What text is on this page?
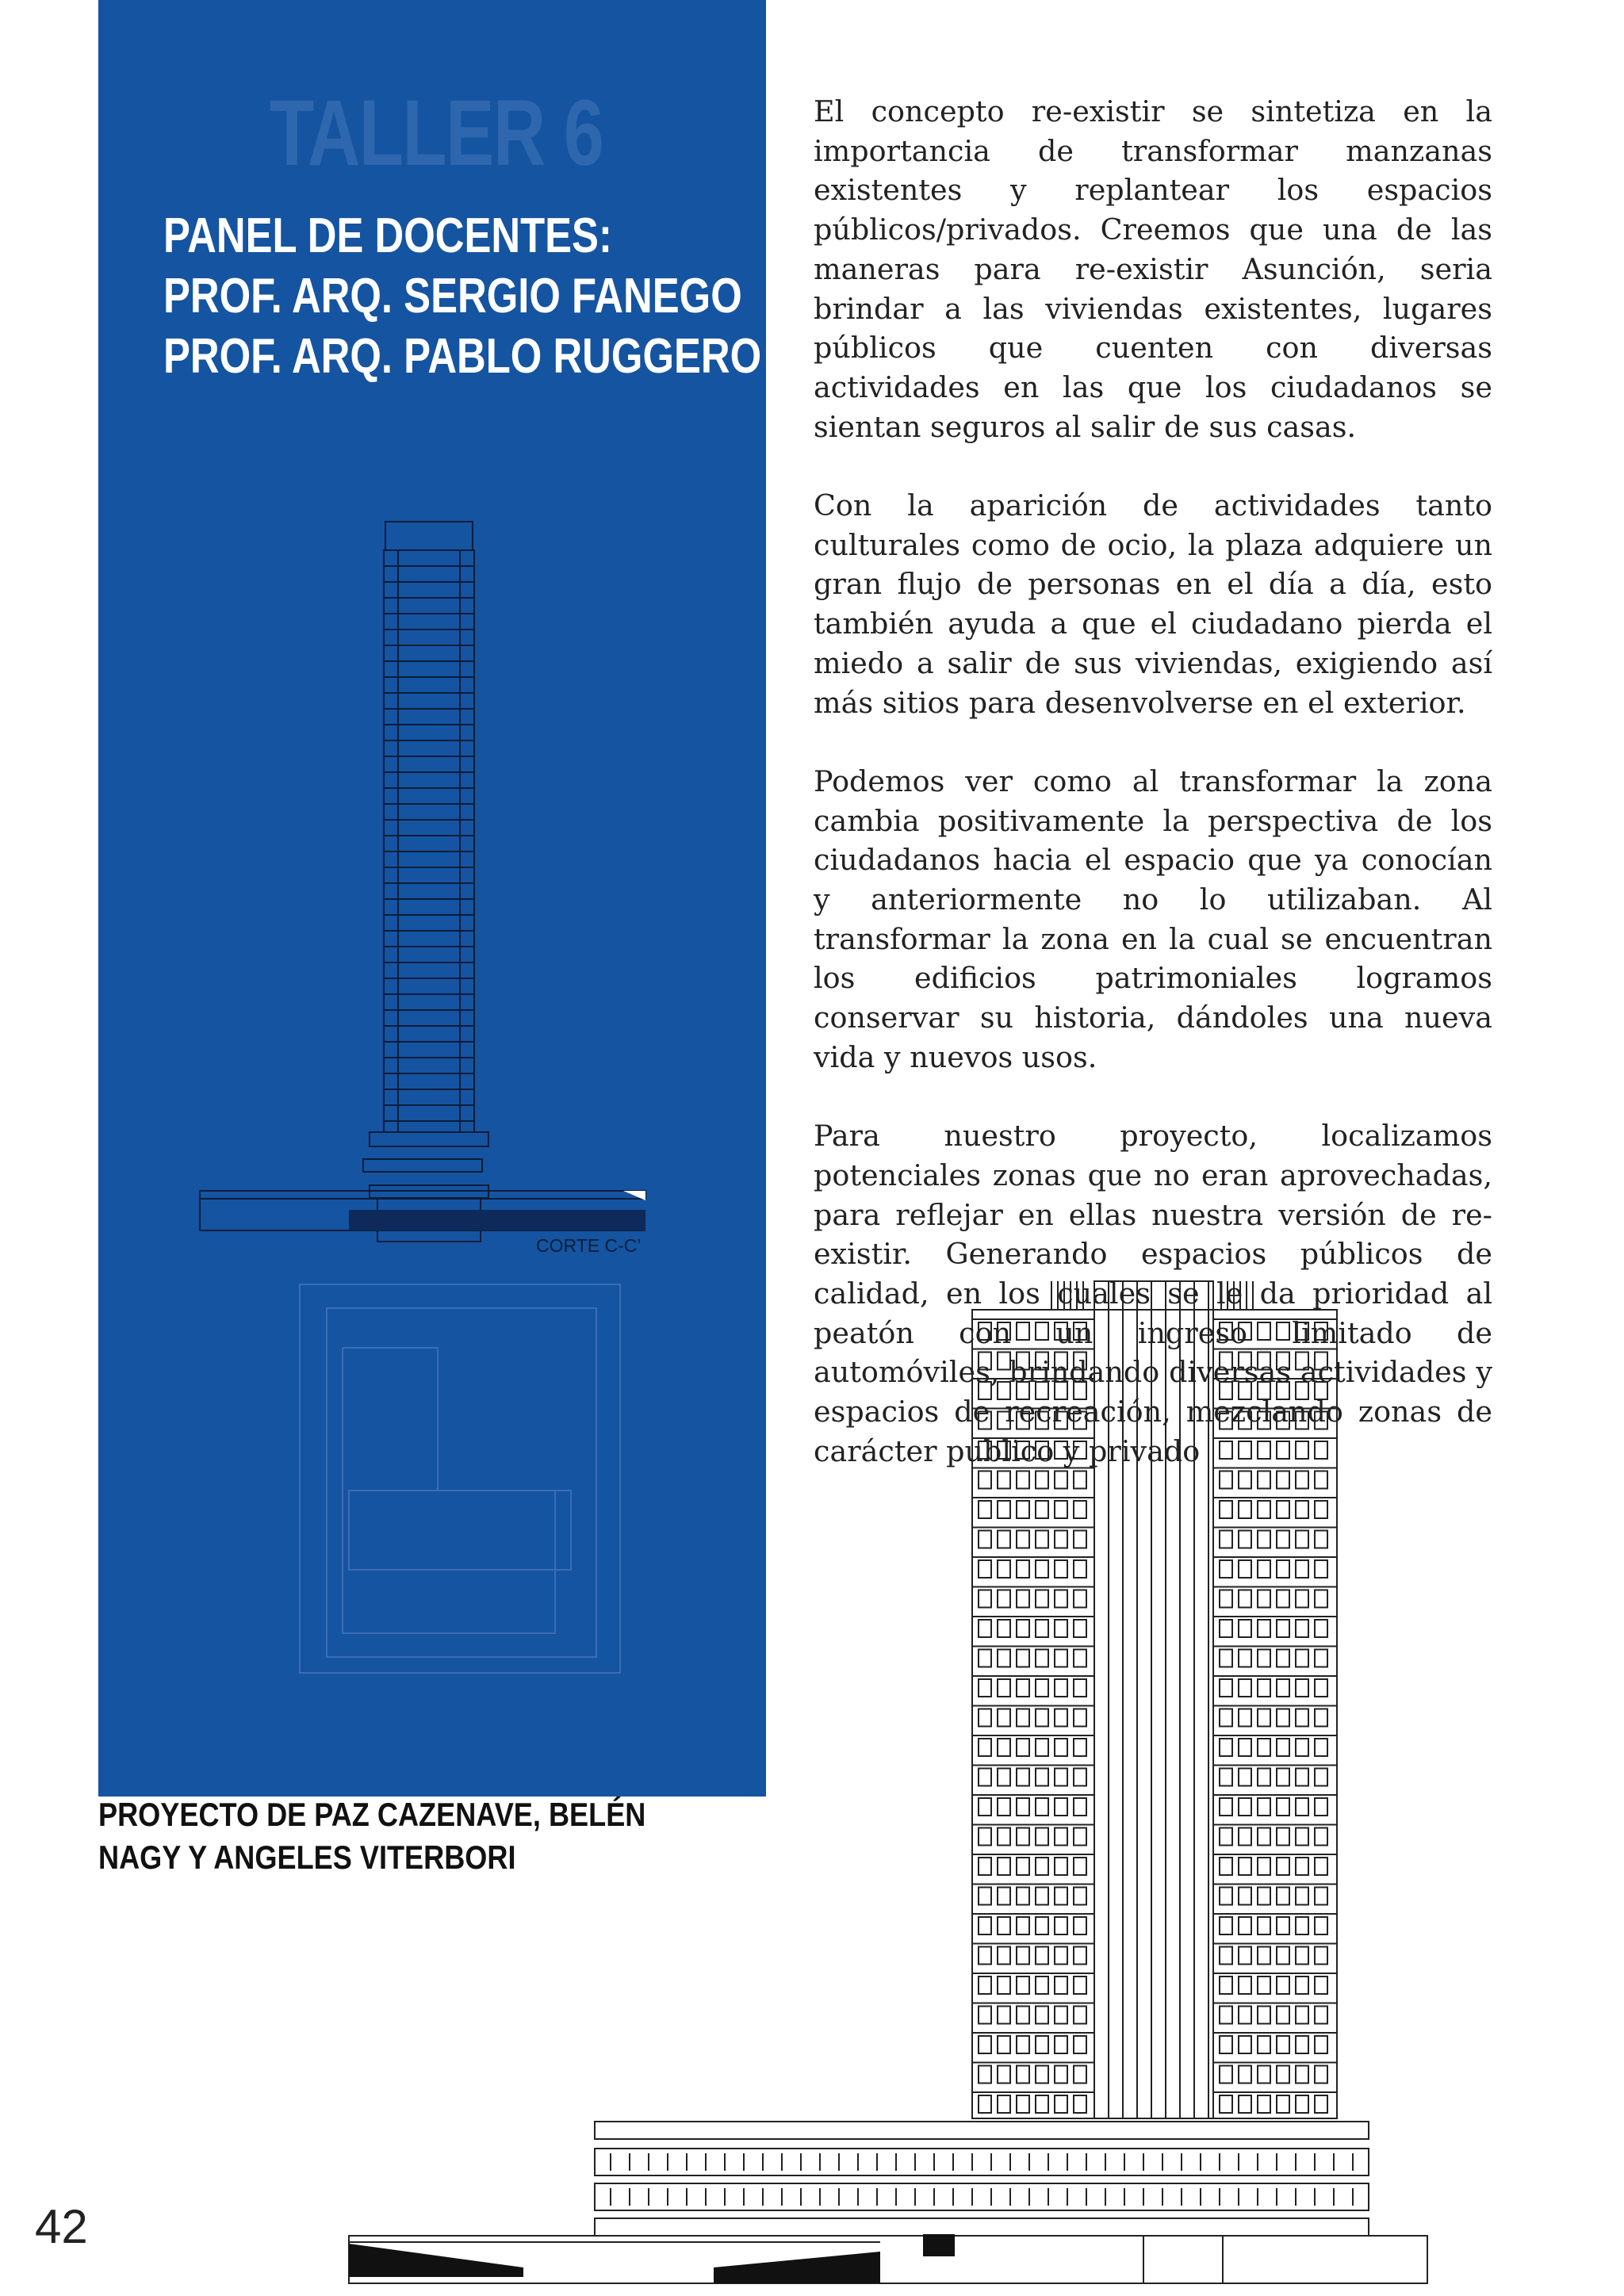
TALLER 6
PANEL DE DOCENTES:
PROF. ARQ. SERGIO FANEGO
PROF. ARQ. PABLO RUGGERO
CORTE C-C’

El concepto re-existir se sintetiza en la importancia de transformar manzanas existentes y replantear los espacios públicos/privados. Creemos que una de las maneras para re-existir Asunción, seria brindar a las viviendas existentes, lugares públicos que cuenten con diversas actividades en las que los ciudadanos se sientan seguros al salir de sus casas.

Con la aparición de actividades tanto culturales como de ocio, la plaza adquiere un gran flujo de personas en el día a día, esto también ayuda a que el ciudadano pierda el miedo a salir de sus viviendas, exigiendo así más sitios para desenvolverse en el exterior.

Podemos ver como al transformar la zona cambia positivamente la perspectiva de los ciudadanos hacia el espacio que ya conocían y anteriormente no lo utilizaban. Al transformar la zona en la cual se encuentran los edificios patrimoniales logramos conservar su historia, dándoles una nueva vida y nuevos usos.

Para nuestro proyecto, localizamos potenciales zonas que no eran aprovechadas, para reflejar en ellas nuestra versión de re-existir. Generando espacios públicos de calidad, en los cuales se le da prioridad al peatón con un ingreso limitado de automóviles, brindando diversas actividades y espacios de recreación, mezclando zonas de carácter publico y privado

PROYECTO DE PAZ CAZENAVE, BELÉN
NAGY Y ANGELES VITERBORI
42
